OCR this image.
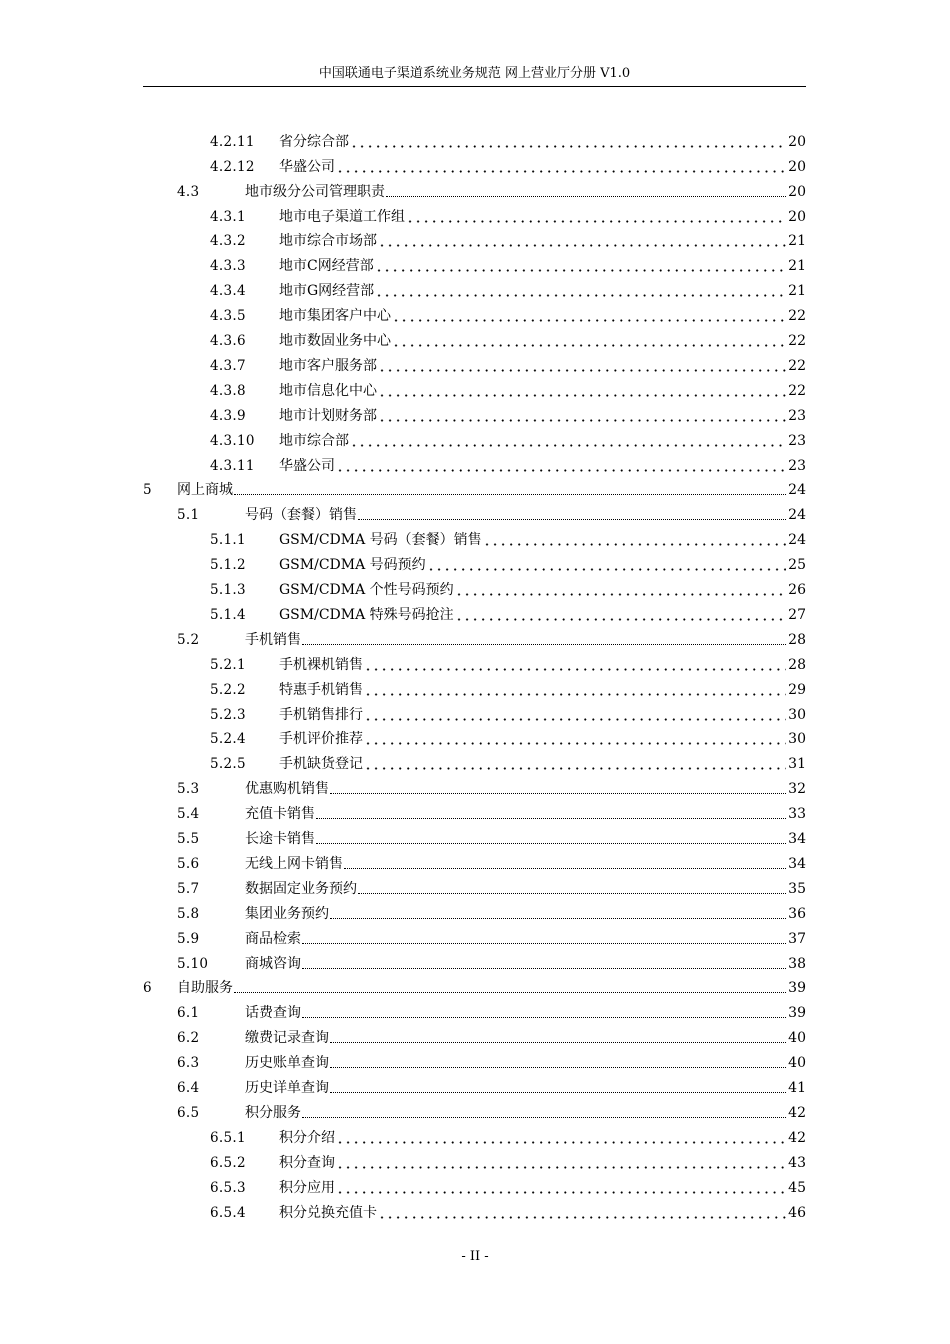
中国联通电子渠道系统业务规范 网上营业厅分册 V1.0
4.2.11 省分综合部	20
4.2.12 华盛公司	20
4.3	地市级分公司管理职责	20
4.3.1 地市电子渠道工作组	20
4.3.2 地市综合市场部	21
4.3.3 地市C网经营部	21
4.3.4 地市G网经营部	21
4.3.5 地市集团客户中心	22
4.3.6 地市数固业务中心	22
4.3.7 地市客户服务部	22
4.3.8 地市信息化中心	22
4.3.9 地市计划财务部	23
4.3.10 地市综合部	23
4.3.11 华盛公司	23
5 网上商城	24
5.1	号码（套餐）销售	24
5.1.1 GSM/CDMA 号码（套餐）销售	24
5.1.2 GSM/CDMA 号码预约	25
5.1.3 GSM/CDMA 个性号码预约	26
5.1.4 GSM/CDMA 特殊号码抢注	27
5.2	手机销售	28
5.2.1 手机裸机销售	28
5.2.2 特惠手机销售	29
5.2.3 手机销售排行	30
5.2.4 手机评价推荐	30
5.2.5 手机缺货登记	31
5.3	优惠购机销售	32
5.4	充值卡销售	33
5.5	长途卡销售	34
5.6	无线上网卡销售	34
5.7	数据固定业务预约	35
5.8	集团业务预约	36
5.9	商品检索	37
5.10	商城咨询	38
6 自助服务	39
6.1	话费查询	39
6.2	缴费记录查询	40
6.3	历史账单查询	40
6.4	历史详单查询	41
6.5	积分服务	42
6.5.1 积分介绍	42
6.5.2 积分查询	43
6.5.3 积分应用	45
6.5.4 积分兑换充值卡	46
- II -
